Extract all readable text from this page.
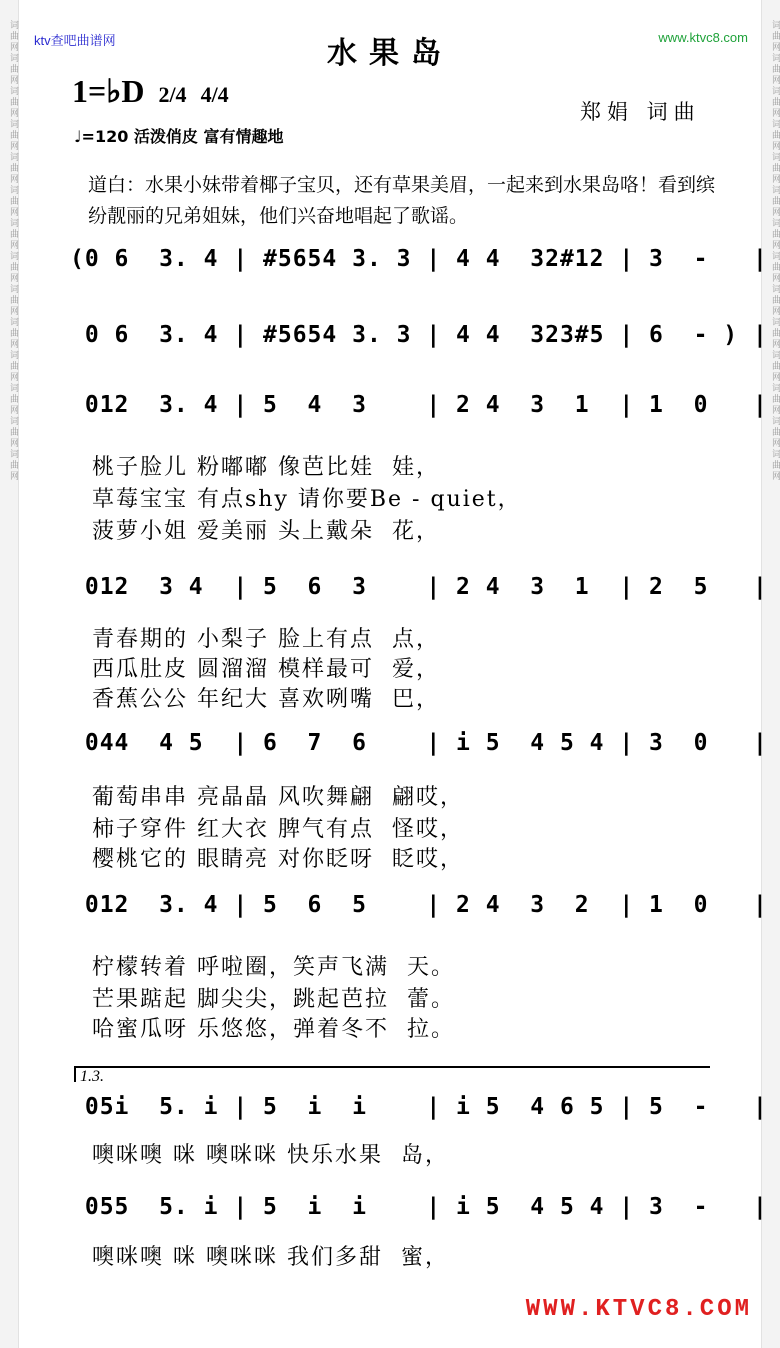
词曲网词曲网词曲网词曲网词曲网词曲网词曲网词曲网词曲网词曲网词曲网词曲网词曲网词曲网	词曲网词曲网词曲网词曲网词曲网词曲网词曲网词曲网词曲网词曲网词曲网词曲网词曲网词曲网
ktv查吧曲谱网	www.ktvc8.com
水果岛
1=♭D 2/4 4/4
郑娟 词曲
♩=120 活泼俏皮 富有情趣地
道白：水果小妹带着椰子宝贝，还有草果美眉，一起来到水果岛咯！看到缤纷靓丽的兄弟姐妹，他们兴奋地唱起了歌谣。
(0 6  3. 4 | #5654 3. 3 | 4 4  32#12 | 3  -   |
0 6  3. 4 | #5654 3. 3 | 4 4  323#5 | 6  - ) |
012  3. 4 | 5  4  3    | 2 4  3  1  | 1  0   |
桃子脸儿 粉嘟嘟 像芭比娃  娃，
草莓宝宝 有点shy 请你要Be - quiet，
菠萝小姐 爱美丽 头上戴朵  花，
012  3 4  | 5  6  3    | 2 4  3  1  | 2  5   |
青春期的 小梨子 脸上有点  点，
西瓜肚皮 圆溜溜 模样最可  爱，
香蕉公公 年纪大 喜欢咧嘴  巴，
044  4 5  | 6  7  6    | i 5  4 5 4 | 3  0   |
葡萄串串 亮晶晶 风吹舞翩  翩哎，
柿子穿件 红大衣 脾气有点  怪哎，
樱桃它的 眼睛亮 对你眨呀  眨哎，
012  3. 4 | 5  6  5    | 2 4  3  2  | 1  0   |
柠檬转着 呼啦圈，笑声飞满  天。
芒果踮起 脚尖尖，跳起芭拉  蕾。
哈蜜瓜呀 乐悠悠，弹着冬不  拉。
1.3.
05i  5. i | 5  i  i    | i 5  4 6 5 | 5  -   |
噢咪噢 咪 噢咪咪 快乐水果  岛，
055  5. i | 5  i  i    | i 5  4 5 4 | 3  -   |
噢咪噢 咪 噢咪咪 我们多甜  蜜，
WWW.KTVC8.COM
